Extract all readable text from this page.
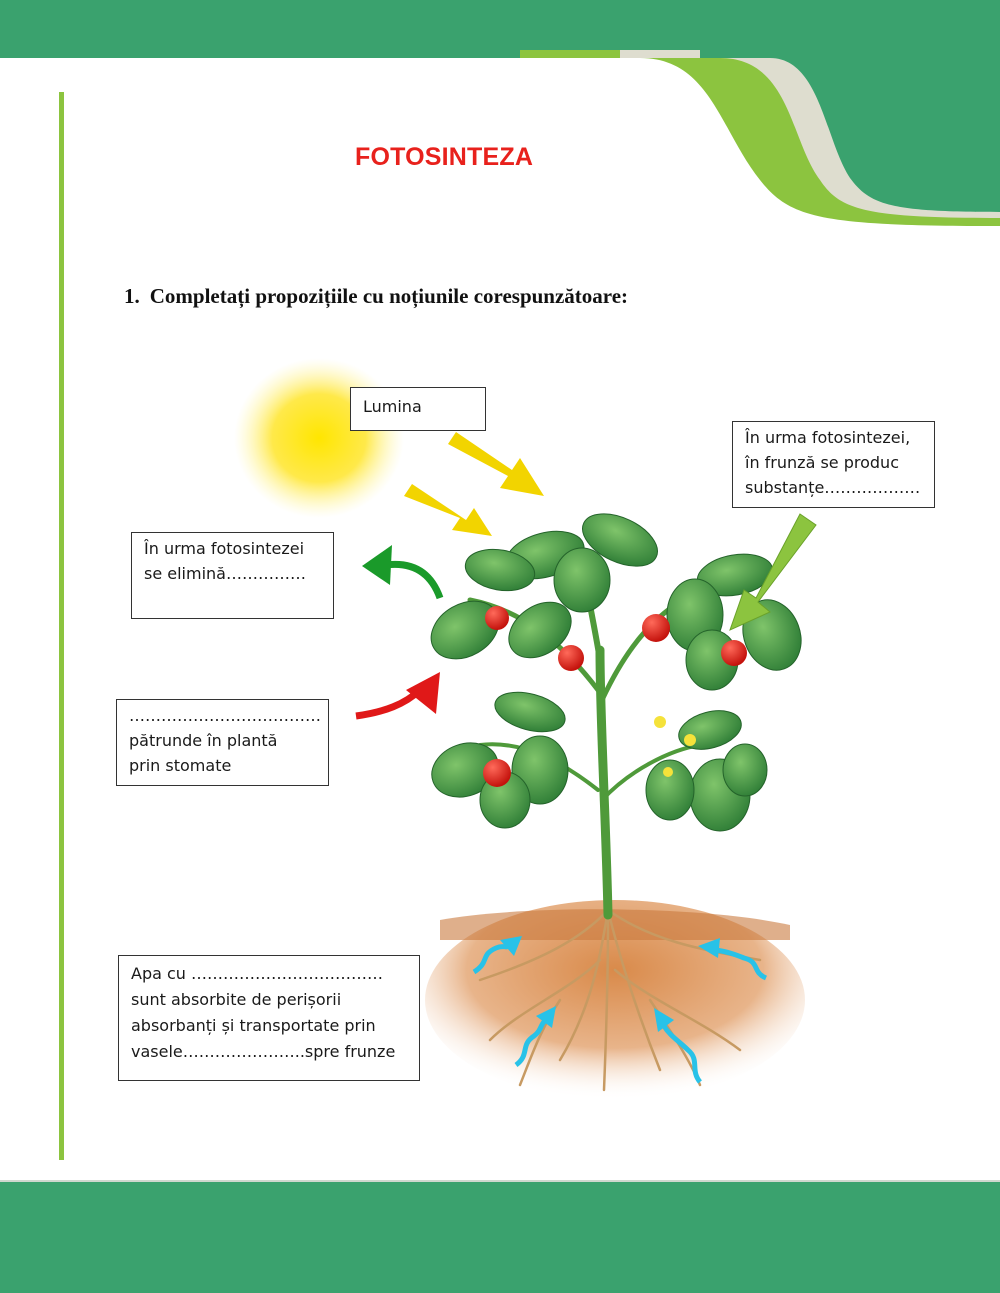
FOTOSINTEZA
1. Completați propozițiile cu noțiunile corespunzătoare:
Lumina
În urma fotosintezei,
în frunză se produc
substanțe………………
În urma fotosintezei
se elimină……………
………………………………
pătrunde în plantă
prin stomate
Apa cu ………………………………
sunt absorbite de perișorii
absorbanți și transportate prin
vasele…………………..spre frunze
